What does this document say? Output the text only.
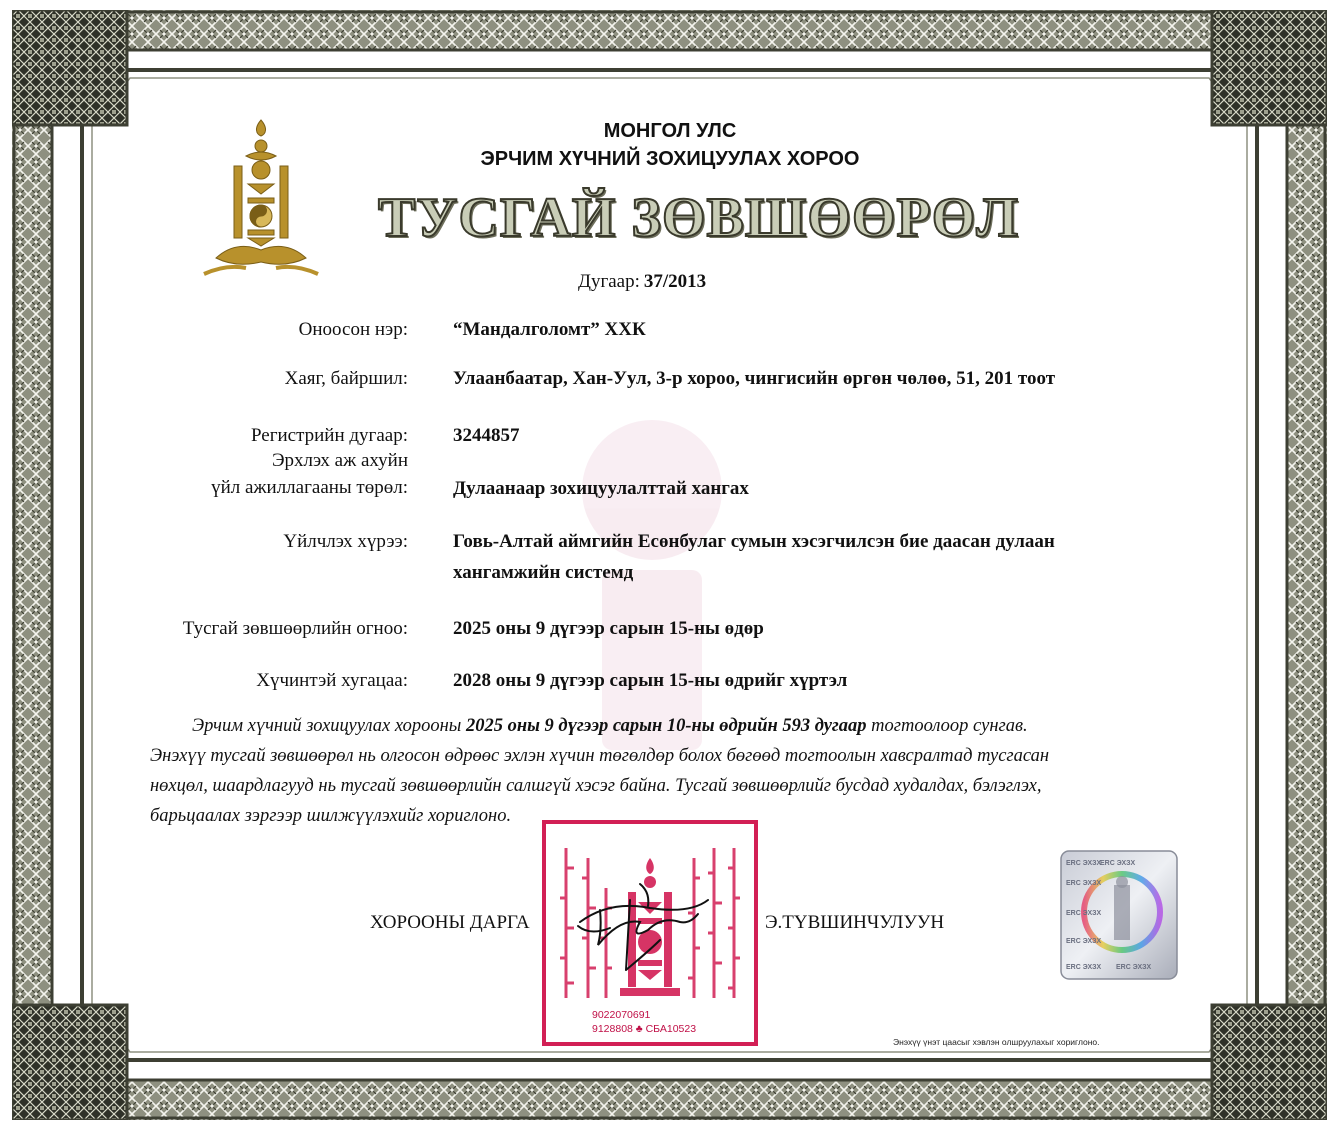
МОНГОЛ УЛС
ЭРЧИМ ХҮЧНИЙ ЗОХИЦУУЛАХ ХОРОО
ТУСГАЙ ЗӨВШӨӨРӨЛ
Дугаар: 37/2013
Оноосон нэр: “Мандалголомт” ХХК
Хаяг, байршил: Улаанбаатар, Хан-Уул, 3-р хороо, чингисийн өргөн чөлөө, 51, 201 тоот
Регистрийн дугаар: 3244857
Эрхлэх аж ахуйн
үйл ажиллагааны төрөл: Дулаанаар зохицуулалттай хангах
Үйлчлэх хүрээ: Говь-Алтай аймгийн Есөнбулаг сумын хэсэгчилсэн бие даасан дулаан
хангамжийн системд
Тусгай зөвшөөрлийн огноо: 2025 оны 9 дүгээр сарын 15-ны өдөр
Хүчинтэй хугацаа: 2028 оны 9 дүгээр сарын 15-ны өдрийг хүртэл
Эрчим хүчний зохицуулах хорооны 2025 оны 9 дүгээр сарын 10-ны өдрийн 593 дугаар тогтоолоор сунгав.
Энэхүү тусгай зөвшөөрөл нь олгосон өдрөөс эхлэн хүчин төгөлдөр болох бөгөөд тогтоолын хавсралтад тусгасан
нөхцөл, шаардлагууд нь тусгай зөвшөөрлийн салшгүй хэсэг байна. Тусгай зөвшөөрлийг бусдад худалдах, бэлэглэх,
барьцаалах зэргээр шилжүүлэхийг хориглоно.
9022070691
9128808 ♣ СБА10523
ХОРООНЫ ДАРГА	Э.ТҮВШИНЧУЛУУН
ERC ЭХЗХ
ERC ЭХЗХ
ERC ЭХЗХ
ERC ЭХЗХ
ERC ЭХЗХ
ERC ЭХЗХ ERC ЭХЗХ
Энэхүү үнэт цаасыг хэвлэн олшруулахыг хориглоно.
